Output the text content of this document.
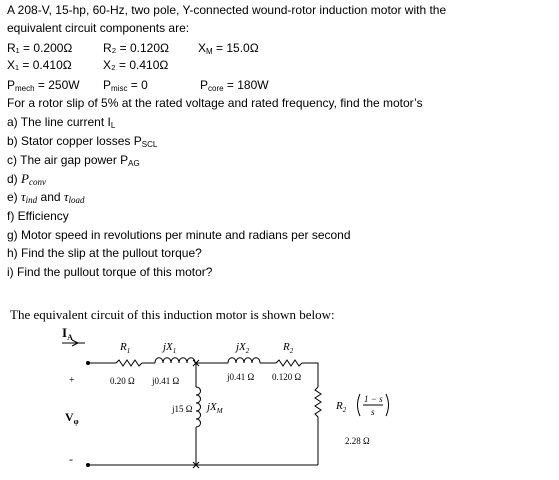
A 208-V, 15-hp, 60-Hz, two pole, Y-connected wound-rotor induction motor with the
equivalent circuit components are:
R₁ = 0.200Ω	R₂ = 0.120Ω $X_M = 15.0\Omega$
X₁ = 0.410Ω	X₂ = 0.410Ω
$P_{mech} = 250W$ $P_{misc} = 0$	$P_{core} = 180W$
For a rotor slip of 5% at the rated voltage and rated frequency, find the motor’s
a) The line current $I_L$
b) Stator copper losses $P_{SCL}$
c) The air gap power $P_{AG}$
d) $P_{conv}$
e) $\tau_{ind}$ and $\tau_{load}$
f) Efficiency
g) Motor speed in revolutions per minute and radians per second
h) Find the slip at the pullout torque?
i) Find the pullout torque of this motor?
The equivalent circuit of this induction motor is shown below:
$I_A$
$R_1$	$jX_1$	$jX_2$	$R_2$
0.20 Ω j0.41 Ω	j0.41 Ω 0.120 Ω
+
-
$V_\varphi$
j15 Ω $jX_M$	$R_2$
1 − s
s
2.28 Ω
